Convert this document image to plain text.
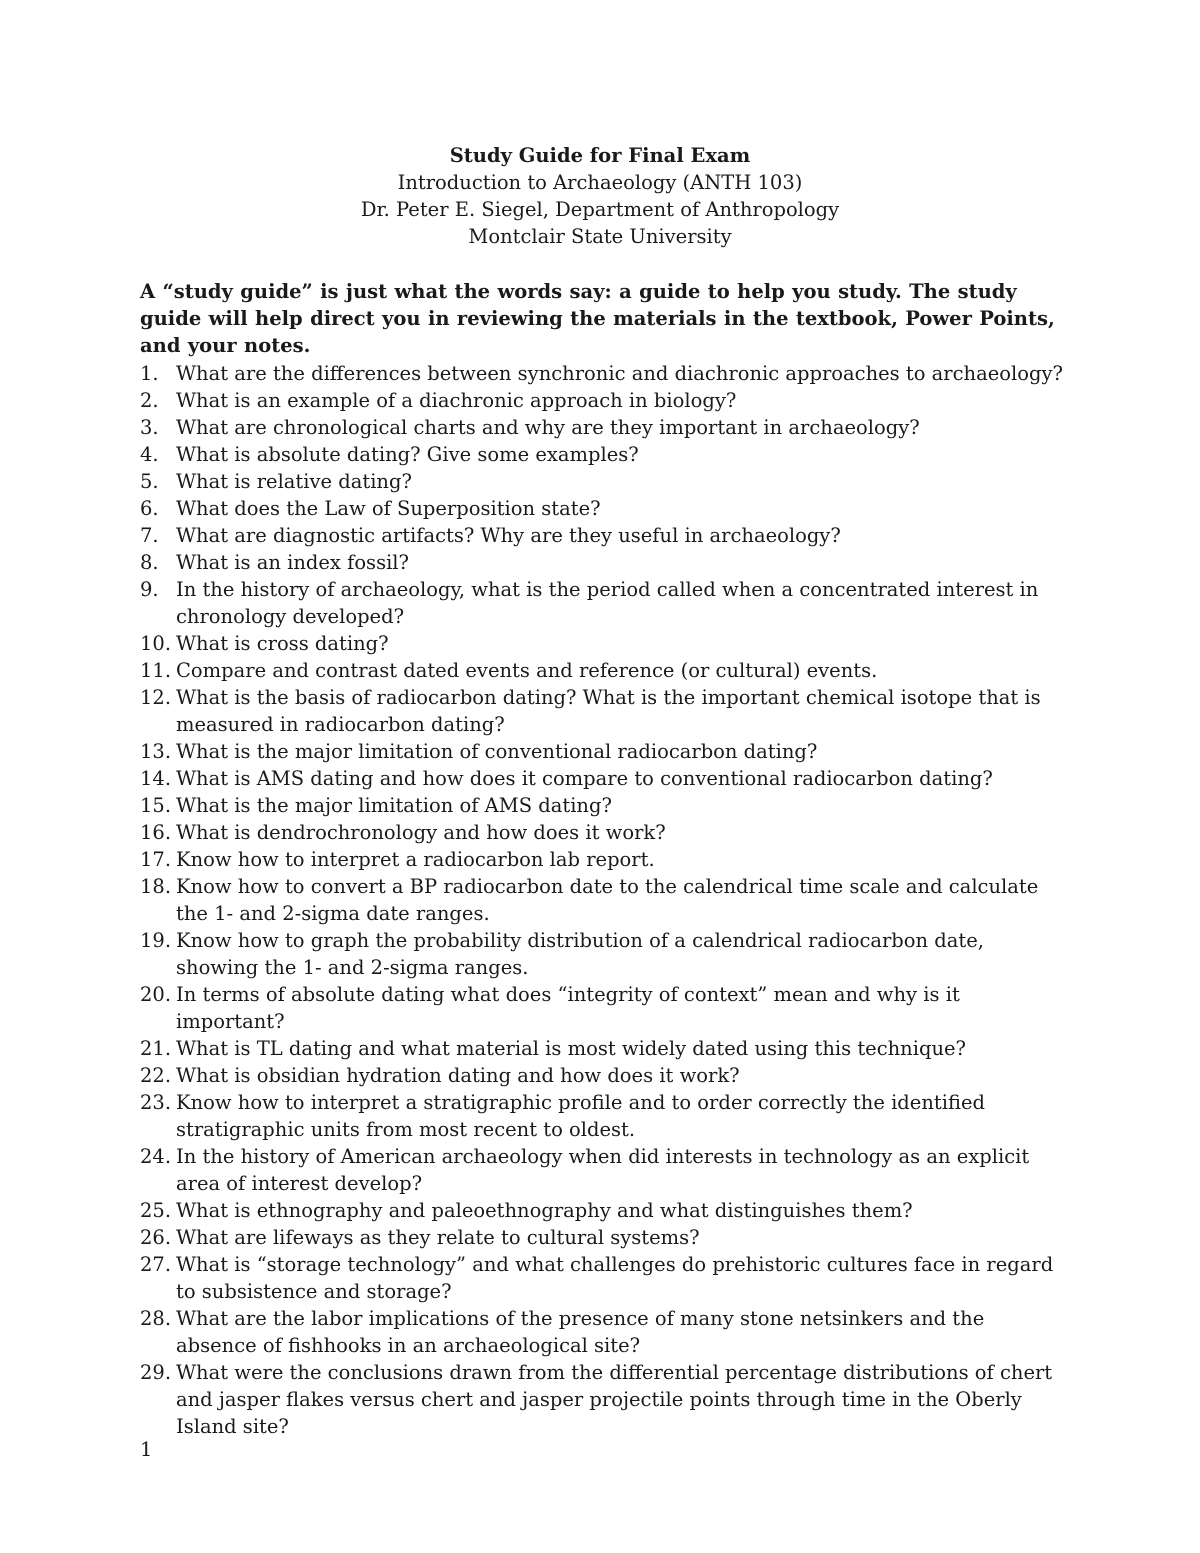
Study Guide for Final Exam
Introduction to Archaeology (ANTH 103)
Dr. Peter E. Siegel, Department of Anthropology
Montclair State University
A “study guide” is just what the words say: a guide to help you study. The study guide will help direct you in reviewing the materials in the textbook, Power Points, and your notes.
1. What are the differences between synchronic and diachronic approaches to archaeology?
2. What is an example of a diachronic approach in biology?
3. What are chronological charts and why are they important in archaeology?
4. What is absolute dating? Give some examples?
5. What is relative dating?
6. What does the Law of Superposition state?
7. What are diagnostic artifacts? Why are they useful in archaeology?
8. What is an index fossil?
9. In the history of archaeology, what is the period called when a concentrated interest in chronology developed?
10. What is cross dating?
11. Compare and contrast dated events and reference (or cultural) events.
12. What is the basis of radiocarbon dating? What is the important chemical isotope that is measured in radiocarbon dating?
13. What is the major limitation of conventional radiocarbon dating?
14. What is AMS dating and how does it compare to conventional radiocarbon dating?
15. What is the major limitation of AMS dating?
16. What is dendrochronology and how does it work?
17. Know how to interpret a radiocarbon lab report.
18. Know how to convert a BP radiocarbon date to the calendrical time scale and calculate the 1- and 2-sigma date ranges.
19. Know how to graph the probability distribution of a calendrical radiocarbon date, showing the 1- and 2-sigma ranges.
20. In terms of absolute dating what does “integrity of context” mean and why is it important?
21. What is TL dating and what material is most widely dated using this technique?
22. What is obsidian hydration dating and how does it work?
23. Know how to interpret a stratigraphic profile and to order correctly the identified stratigraphic units from most recent to oldest.
24. In the history of American archaeology when did interests in technology as an explicit area of interest develop?
25. What is ethnography and paleoethnography and what distinguishes them?
26. What are lifeways as they relate to cultural systems?
27. What is “storage technology” and what challenges do prehistoric cultures face in regard to subsistence and storage?
28. What are the labor implications of the presence of many stone netsinkers and the absence of fishhooks in an archaeological site?
29. What were the conclusions drawn from the differential percentage distributions of chert and jasper flakes versus chert and jasper projectile points through time in the Oberly Island site?
1
